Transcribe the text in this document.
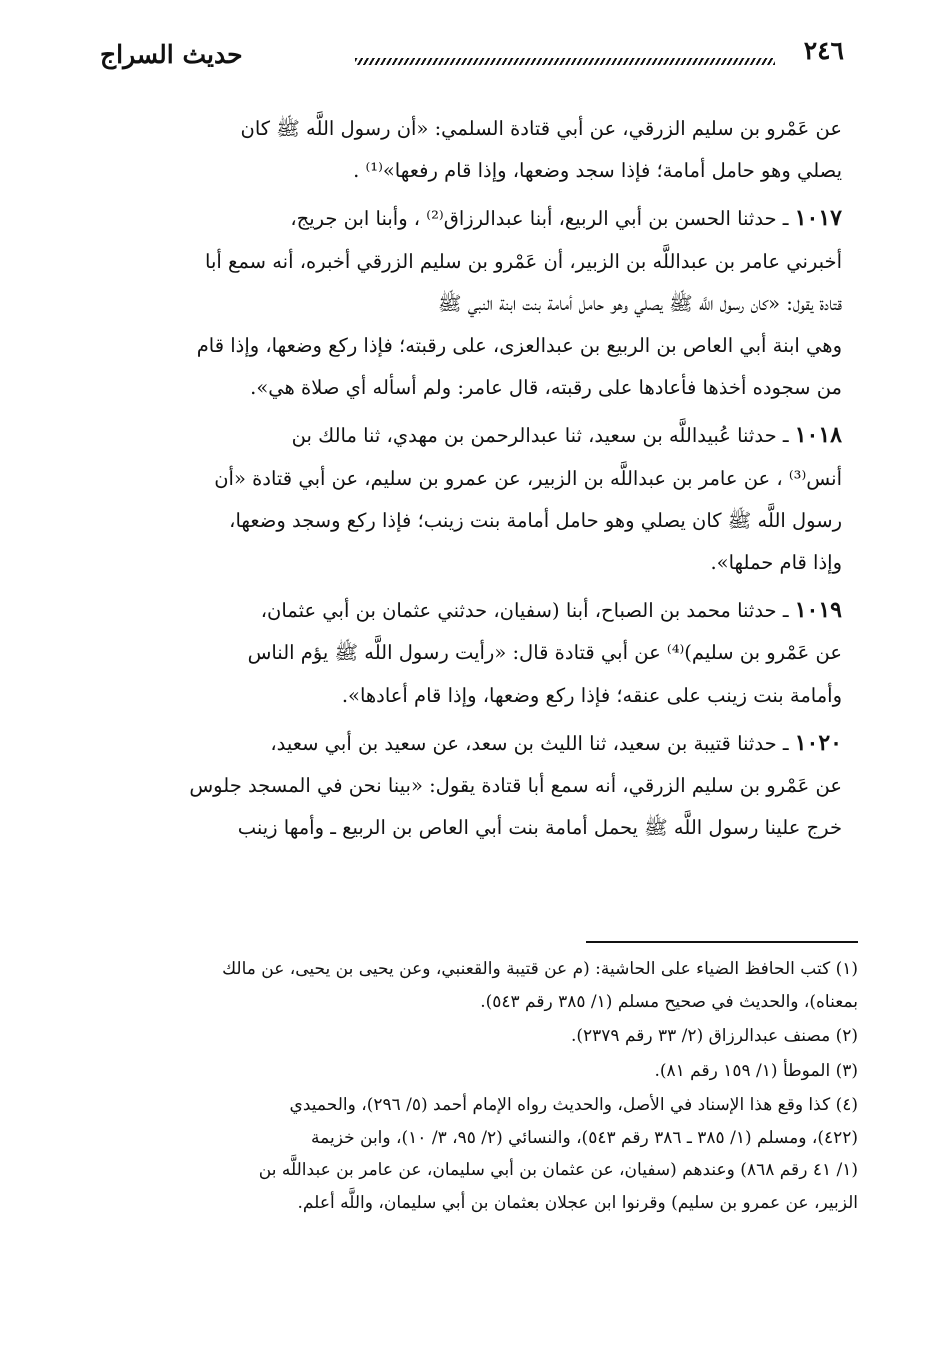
حديث السراج	٢٤٦

عن عَمْرو بن سليم الزرقي، عن أبي قتادة السلمي: «أن رسول اللَّه ﷺ كان
يصلي وهو حامل أمامة؛ فإذا سجد وضعها، وإذا قام رفعها»⁽¹⁾ .

١٠١٧ ـ حدثنا الحسن بن أبي الربيع، أبنا عبدالرزاق⁽²⁾ ، وأبنا ابن جريج،
أخبرني عامر بن عبداللَّه بن الزبير، أن عَمْرو بن سليم الزرقي أخبره، أنه سمع أبا
قتادة يقول: «كان رسول اللَّه ﷺ يصلي وهو حامل أمامة بنت ابنة النبي ﷺ
وهي ابنة أبي العاص بن الربيع بن عبدالعزى، على رقبته؛ فإذا ركع وضعها، وإذا قام
من سجوده أخذها فأعادها على رقبته، قال عامر: ولم أسأله أي صلاة هي».

١٠١٨ ـ حدثنا عُبيداللَّه بن سعيد، ثنا عبدالرحمن بن مهدي، ثنا مالك بن
أنس⁽³⁾ ، عن عامر بن عبداللَّه بن الزبير، عن عمرو بن سليم، عن أبي قتادة «أن
رسول اللَّه ﷺ كان يصلي وهو حامل أمامة بنت زينب؛ فإذا ركع وسجد وضعها،
وإذا قام حملها».

١٠١٩ ـ حدثنا محمد بن الصباح، أبنا (سفيان، حدثني عثمان بن أبي عثمان،
عن عَمْرو بن سليم)⁽⁴⁾ عن أبي قتادة قال: «رأيت رسول اللَّه ﷺ يؤم الناس
وأمامة بنت زينب على عنقه؛ فإذا ركع وضعها، وإذا قام أعادها».

١٠٢٠ ـ حدثنا قتيبة بن سعيد، ثنا الليث بن سعد، عن سعيد بن أبي سعيد،
عن عَمْرو بن سليم الزرقي، أنه سمع أبا قتادة يقول: «بينا نحن في المسجد جلوس
خرج علينا رسول اللَّه ﷺ يحمل أمامة بنت أبي العاص بن الربيع ـ وأمها زينب

(١) كتب الحافظ الضياء على الحاشية: (م عن قتيبة والقعنبي، وعن يحيى بن يحيى، عن مالك
بمعناه)، والحديث في صحيح مسلم (١/ ٣٨٥ رقم ٥٤٣).

(٢) مصنف عبدالرزاق (٢/ ٣٣ رقم ٢٣٧٩).

(٣) الموطأ (١/ ١٥٩ رقم ٨١).

(٤) كذا وقع هذا الإسناد في الأصل، والحديث رواه الإمام أحمد (٥/ ٢٩٦)، والحميدي
(٤٢٢)، ومسلم (١/ ٣٨٥ ـ ٣٨٦ رقم ٥٤٣)، والنسائي (٢/ ٩٥، ٣/ ١٠)، وابن خزيمة
(١/ ٤١ رقم ٨٦٨) وعندهم (سفيان، عن عثمان بن أبي سليمان، عن عامر بن عبداللَّه بن
الزبير، عن عمرو بن سليم) وقرنوا ابن عجلان بعثمان بن أبي سليمان، واللَّه أعلم.
